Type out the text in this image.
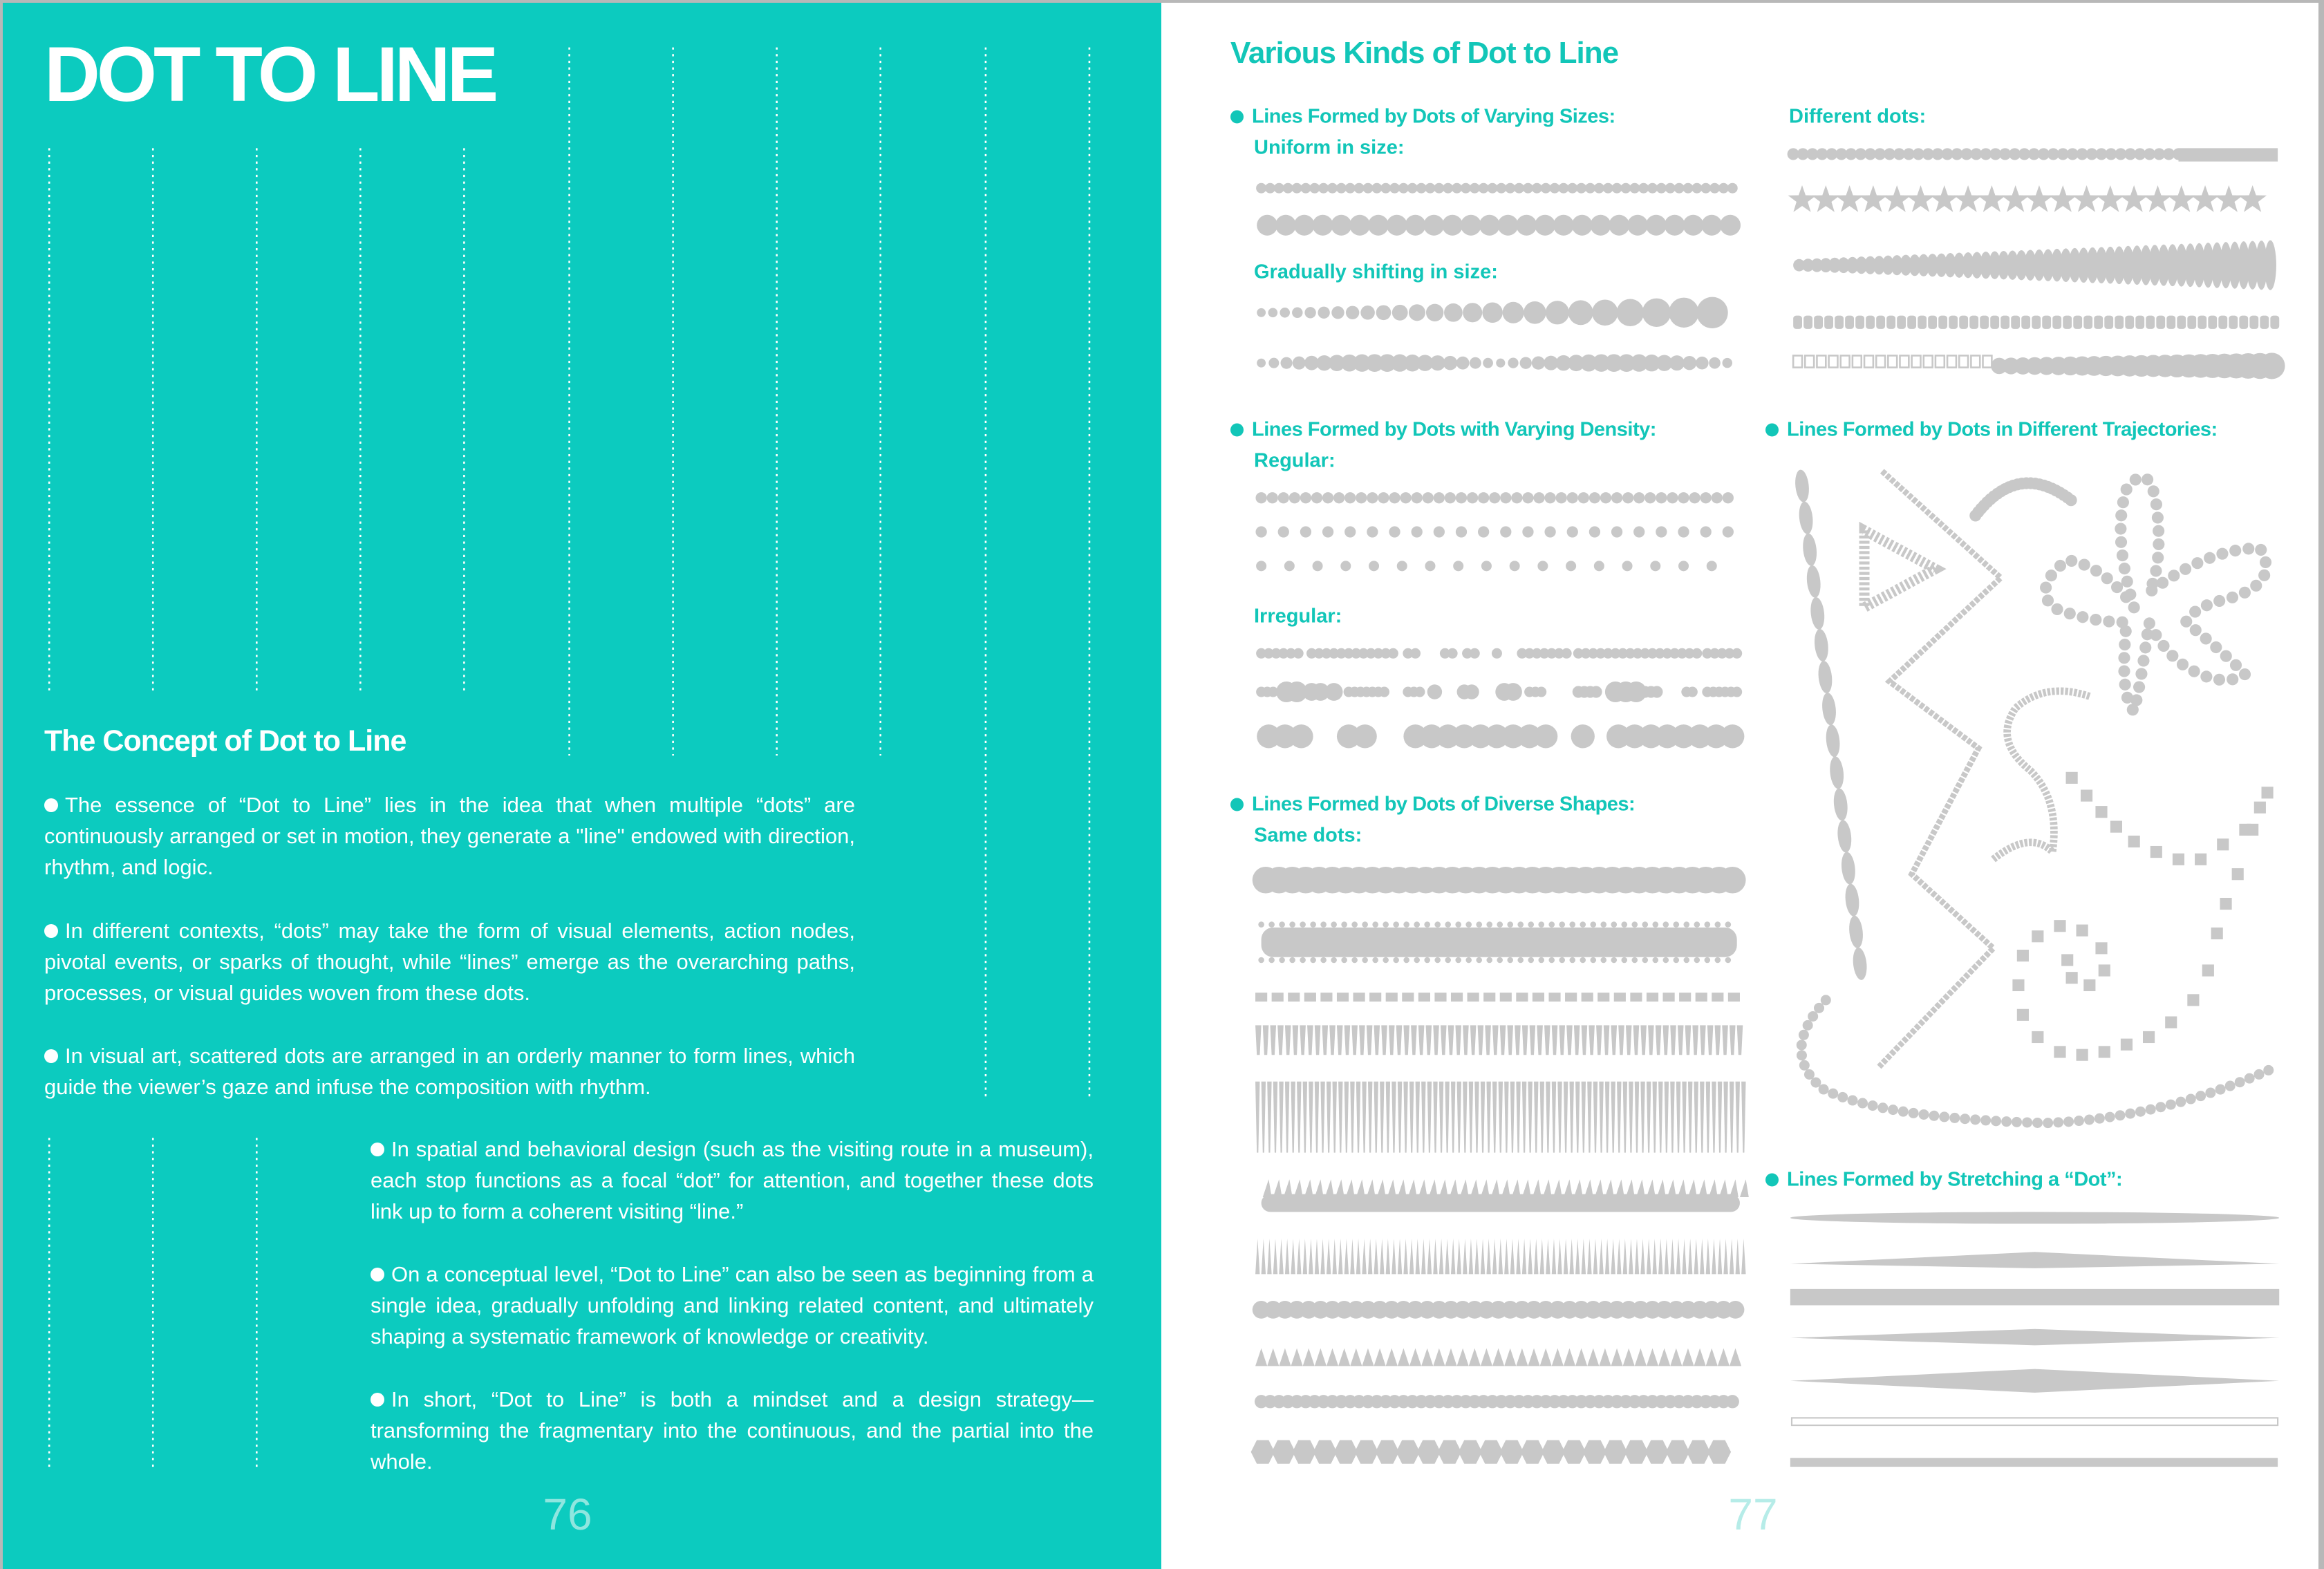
DOT TO LINE
The Concept of Dot to Line
The essence of “Dot to Line” lies in the idea that when multiple “dots” are continuously arranged or set in motion, they generate a "line" endowed with direction, rhythm, and logic.
In different contexts, “dots” may take the form of visual elements, action nodes, pivotal events, or sparks of thought, while “lines” emerge as the overarching paths, processes, or visual guides woven from these dots.
In visual art, scattered dots are arranged in an orderly manner to form lines, which guide the viewer’s gaze and infuse the composition with rhythm.
In spatial and behavioral design (such as the visiting route in a museum), each stop functions as a focal “dot” for attention, and together these dots link up to form a coherent visiting “line.”
On a conceptual level, “Dot to Line” can also be seen as beginning from a single idea, gradually unfolding and linking related content, and ultimately shaping a systematic framework of knowledge or creativity.
In short, “Dot to Line” is both a mindset and a design strategy—transforming the fragmentary into the continuous, and the partial into the whole.
76	77
Various Kinds of Dot to Line
Lines Formed by Dots of Varying Sizes:
Uniform in size:
Gradually shifting in size:
Different dots:
Lines Formed by Dots with Varying Density:
Regular:
Irregular:
Lines Formed by Dots in Different Trajectories:
Lines Formed by Dots of Diverse Shapes:
Same dots:
Lines Formed by Stretching a “Dot”:
